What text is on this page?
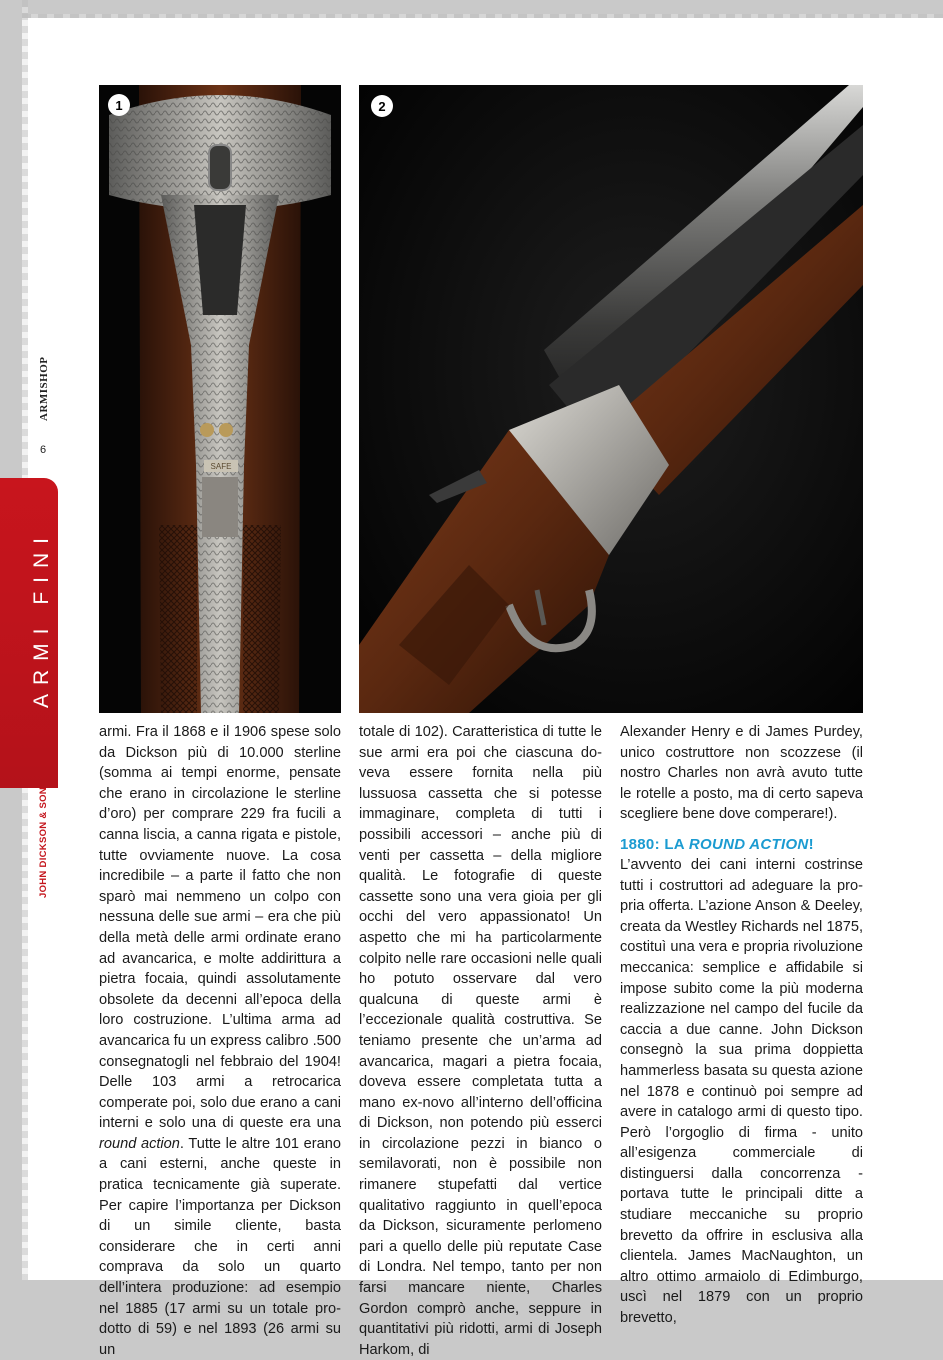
ARMISHOP
6
ARMI FINI
JOHN DICKSON & SON
SAFE
1	2

armi. Fra il 1868 e il 1906 spese solo da Dickson più di 10.000 sterline (somma ai tempi enorme, pensate che erano in circolazione le sterline d’oro) per comprare 229 fra fucili a canna liscia, a canna rigata e pistole, tutte ovviamente nuove. La cosa incredibile – a parte il fatto che non sparò mai nemmeno un colpo con nessuna delle sue armi – era che più della metà delle armi ordinate erano ad avancarica, e molte addirittura a pietra focaia, quindi assolutamente obsolete da decenni all’epoca della loro costruzione. L’ultima arma ad avancarica fu un express calibro .500 consegnatogli nel febbraio del 1904! Delle 103 armi a retrocarica comperate poi, solo due erano a cani interni e solo una di queste era una round action. Tutte le altre 101 erano a cani esterni, anche queste in pratica tecnicamente già superate. Per capire l’importanza per Dickson di un simile cliente, basta considerare che in certi anni comprava da solo un quarto dell’intera produzione: ad esempio nel 1885 (17 armi su un totale prodotto di 59) e nel 1893 (26 armi su un

totale di 102). Caratteristica di tutte le sue armi era poi che ciascuna doveva essere fornita nella più lussuosa cassetta che si potesse immaginare, completa di tutti i possibili accessori – anche più di venti per cassetta – della migliore qualità. Le fotografie di queste cassette sono una vera gioia per gli occhi del vero appassionato! Un aspetto che mi ha particolarmente colpito nelle rare occasioni nelle quali ho potuto osservare dal vero qualcuna di queste armi è l’eccezionale qualità costruttiva. Se teniamo presente che un’arma ad avancarica, magari a pietra focaia, doveva essere completata tutta a mano ex-novo all’interno dell’officina di Dickson, non potendo più esserci in circolazione pezzi in bianco o semilavorati, non è possibile non rimanere stupefatti dal vertice qualitativo raggiunto in quell’epoca da Dickson, sicuramente perlomeno pari a quello delle più reputate Case di Londra. Nel tempo, tanto per non farsi mancare niente, Charles Gordon comprò anche, seppure in quantitativi più ridotti, armi di Joseph Harkom, di

Alexander Henry e di James Purdey, unico costruttore non scozzese (il nostro Charles non avrà avuto tutte le rotelle a posto, ma di certo sapeva scegliere bene dove comperare!).

1880: LA ROUND ACTION!

L’avvento dei cani interni costrinse tutti i costruttori ad adeguare la propria offerta. L’azione Anson & Deeley, creata da Westley Richards nel 1875, costituì una vera e propria rivoluzione meccanica: semplice e affidabile si impose subito come la più moderna realizzazione nel campo del fucile da caccia a due canne. John Dickson consegnò la sua prima doppietta hammerless basata su questa azione nel 1878 e continuò poi sempre ad avere in catalogo armi di questo tipo. Però l’orgoglio di firma - unito all’esigenza commerciale di distinguersi dalla concorrenza - portava tutte le principali ditte a studiare meccaniche su proprio brevetto da offrire in esclusiva alla clientela. James MacNaughton, un altro ottimo armaiolo di Edimburgo, uscì nel 1879 con un proprio brevetto,
